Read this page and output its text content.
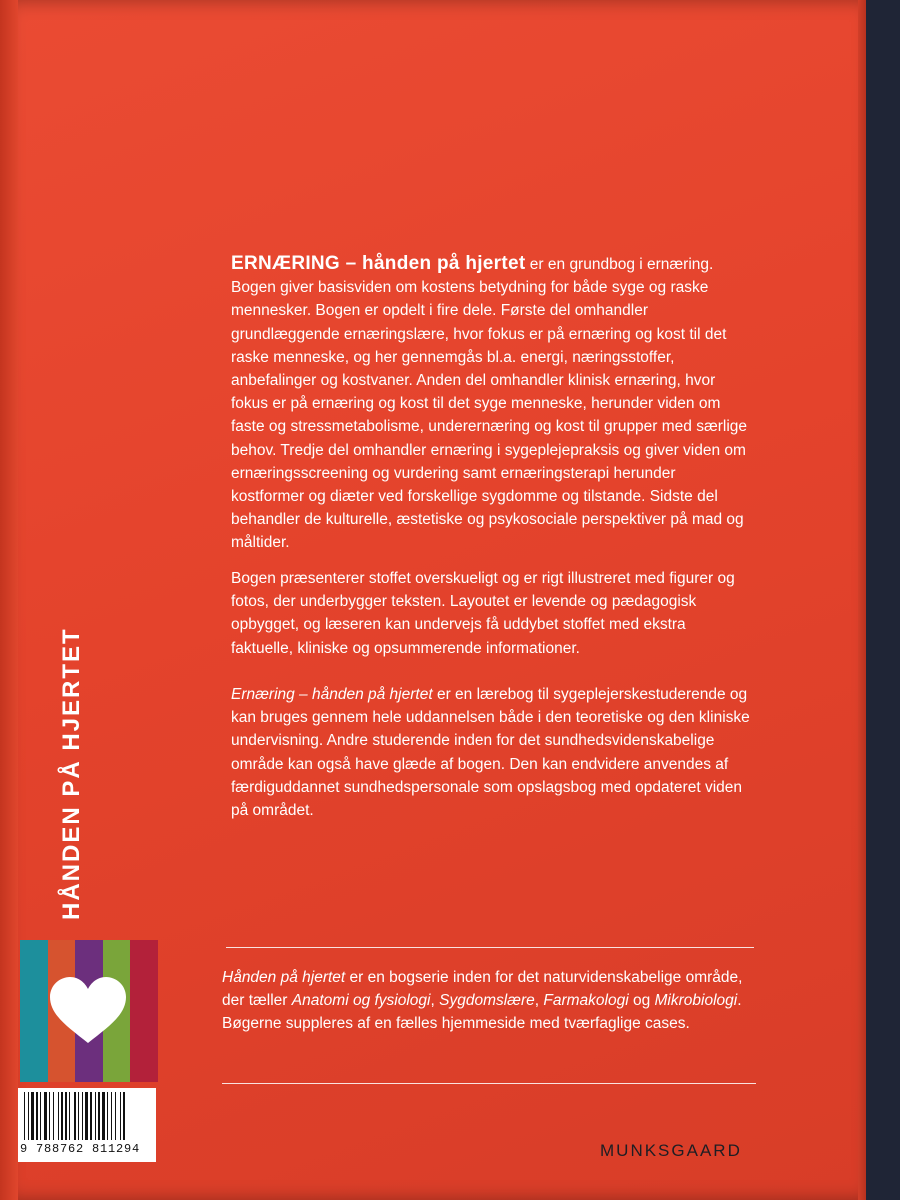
HÅNDEN PÅ HJERTET
9 788762 811294
ERNÆRING – hånden på hjertet er en grundbog i ernæring. Bogen giver basisviden om kostens betydning for både syge og raske mennesker. Bogen er opdelt i fire dele. Første del omhandler grundlæggende ernæringslære, hvor fokus er på ernæring og kost til det raske menneske, og her gennemgås bl.a. energi, næringsstoffer, anbefalinger og kostvaner. Anden del omhandler klinisk ernæring, hvor fokus er på ernæring og kost til det syge menneske, herunder viden om faste og stressmetabolisme, underernæring og kost til grupper med særlige behov. Tredje del omhandler ernæring i sygeplejepraksis og giver viden om ernæringsscreening og vurdering samt ernæringsterapi herunder kostformer og diæter ved forskellige sygdomme og tilstande. Sidste del behandler de kulturelle, æstetiske og psykosociale perspektiver på mad og måltider.
Bogen præsenterer stoffet overskueligt og er rigt illustreret med figurer og fotos, der underbygger teksten. Layoutet er levende og pædagogisk opbygget, og læseren kan undervejs få uddybet stoffet med ekstra faktuelle, kliniske og opsummerende informationer.
Ernæring – hånden på hjertet er en lærebog til sygeplejerskestuderende og kan bruges gennem hele uddannelsen både i den teoretiske og den kliniske undervisning. Andre studerende inden for det sundhedsvidenskabelige område kan også have glæde af bogen. Den kan endvidere anvendes af færdiguddannet sundhedspersonale som opslagsbog med opdateret viden på området.
Hånden på hjertet er en bogserie inden for det naturvidenskabelige område, der tæller Anatomi og fysiologi, Sygdomslære, Farmakologi og Mikrobiologi.
Bøgerne suppleres af en fælles hjemmeside med tværfaglige cases.
MUNKSGAARD
